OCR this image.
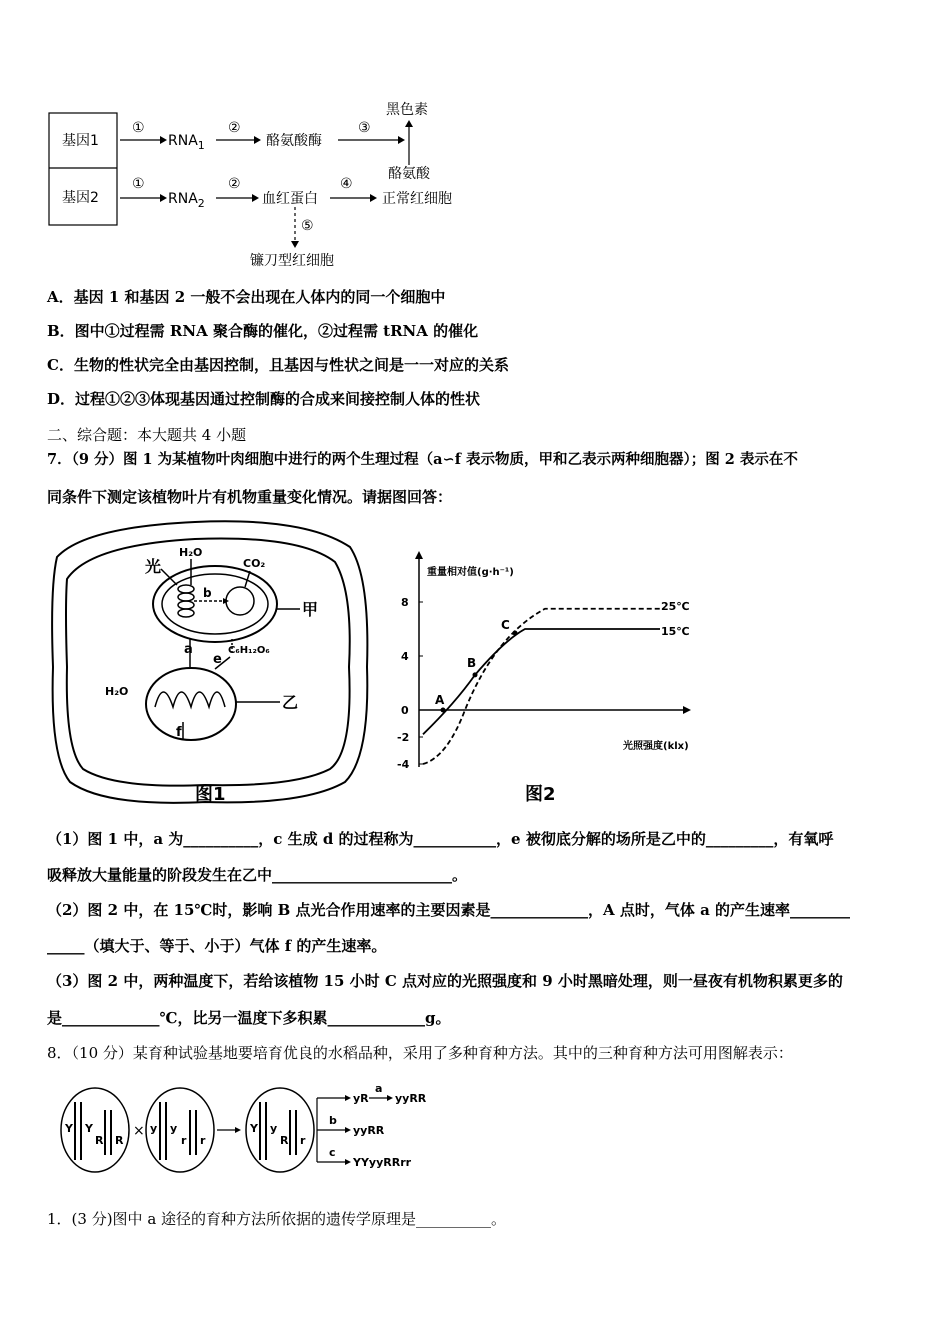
基因1
基因2
①
$RNA_1$
②
酪氨酸酶
③
黑色素
酪氨酸
①
$RNA_2$
②
血红蛋白
④
正常红细胞
⑤
镰刀型红细胞
A．基因 1 和基因 2 一般不会出现在人体内的同一个细胞中
B．图中①过程需 RNA 聚合酶的催化，②过程需 tRNA 的催化
C．生物的性状完全由基因控制，且基因与性状之间是一一对应的关系
D．过程①②③体现基因通过控制酶的合成来间接控制人体的性状
二、综合题：本大题共 4 小题
7．（9 分）图 1 为某植物叶肉细胞中进行的两个生理过程（a∽f 表示物质，甲和乙表示两种细胞器）；图 2 表示在不
同条件下测定该植物叶片有机物重量变化情况。请据图回答：
b
光
H₂O
CO₂
甲
a	C₆H₁₂O₆
e
H₂O
乙
f
图1
重量相对值(g·h⁻¹)
光照强度(klx)
8
4
0
-2
-4
A
B
C
25℃
15℃
图2
（1）图 1 中，a 为__________，c 生成 d 的过程称为___________，e 被彻底分解的场所是乙中的_________，有氧呼
吸释放大量能量的阶段发生在乙中________________________。
（2）图 2 中，在 15℃时，影响 B 点光合作用速率的主要因素是_____________，A 点时，气体 a 的产生速率________
_____（填大于、等于、小于）气体 f 的产生速率。
（3）图 2 中，两种温度下，若给该植物 15 小时 C 点对应的光照强度和 9 小时黑暗处理，则一昼夜有机物积累更多的
是_____________℃，比另一温度下多积累_____________g。
8．（10 分）某育种试验基地要培育优良的水稻品种，采用了多种育种方法。其中的三种育种方法可用图解表示：
Y Y
R R
y y
r r
Y y
R r
×
yR
a
yyRR
b
yyRR
c
YYyyRRrr
1．(3 分)图中 a 途径的育种方法所依据的遗传学原理是__________。
